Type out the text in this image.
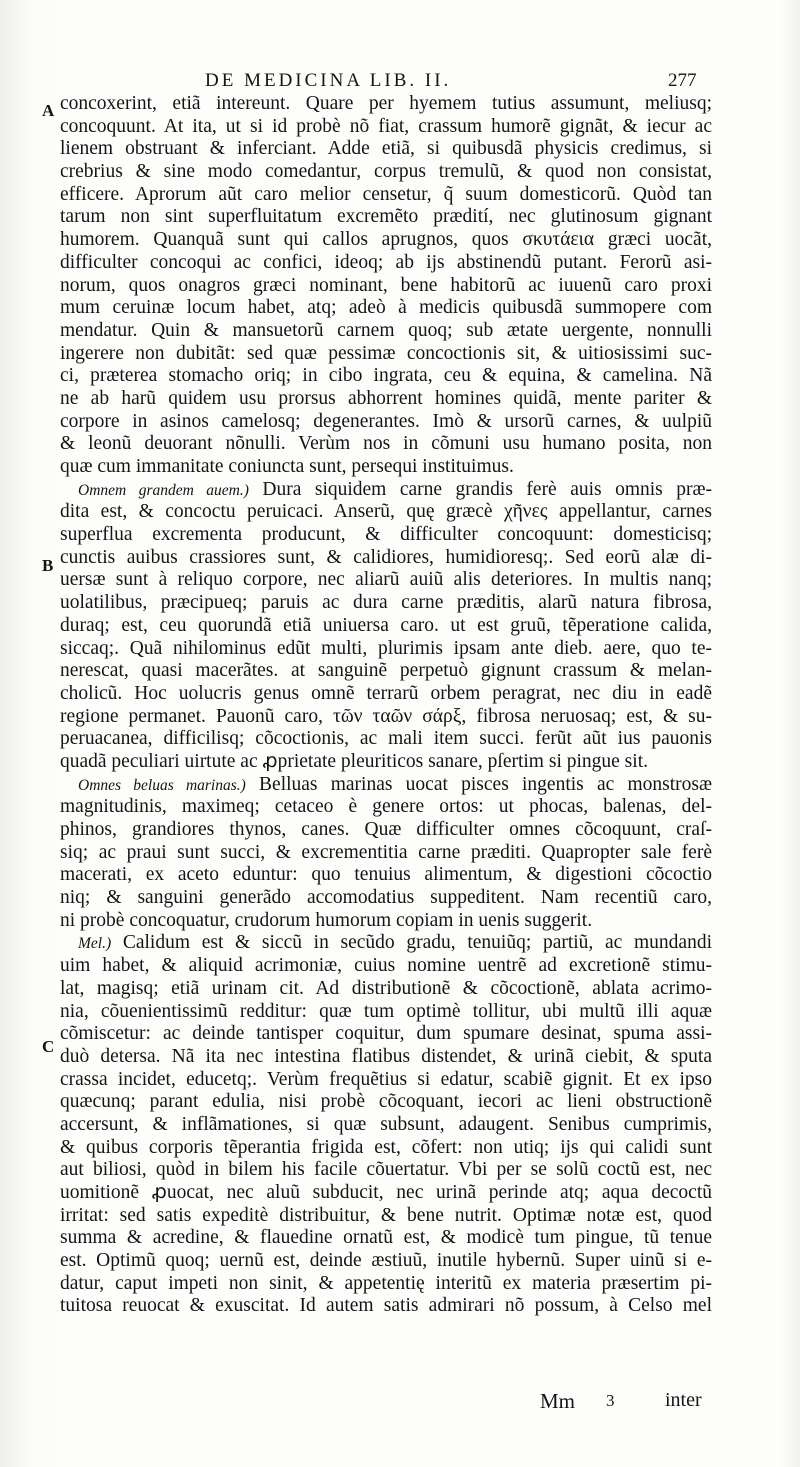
DE MEDICINA LIB. II.	277
A
B
C
concoxerint, etiã intereunt. Quare per hyemem tutius assumunt, meliusq;
concoquunt. At ita, ut si id probè nõ fiat, crassum humorẽ gignãt, & iecur ac
lienem obstruant & inferciant. Adde etiã, si quibusdã physicis credimus, si
crebrius & sine modo comedantur, corpus tremulũ, & quod non consistat,
efficere. Aprorum aũt caro melior censetur, q̃ suum domesticorũ. Quòd tan
tarum non sint superfluitatum excremẽto prædití, nec glutinosum gignant
humorem. Quanquã sunt qui callos aprugnos, quos σκυτάεια græci uocãt,
difficulter concoqui ac confici, ideoq; ab ijs abstinendũ putant. Ferorũ asi-
norum, quos onagros græci nominant, bene habitorũ ac iuuenũ caro proxi
mum ceruinæ locum habet, atq; adeò à medicis quibusdã summopere com
mendatur. Quin & mansuetorũ carnem quoq; sub ætate uergente, nonnulli
ingerere non dubitãt: sed quæ pessimæ concoctionis sit, & uitiosissimi suc-
ci, præterea stomacho oriq; in cibo ingrata, ceu & equina, & camelina. Nã
ne ab harũ quidem usu prorsus abhorrent homines quidã, mente pariter &
corpore in asinos camelosq; degenerantes. Imò & ursorũ carnes, & uulpiũ
& leonũ deuorant nõnulli. Verùm nos in cõmuni usu humano posita, non
quæ cum immanitate coniuncta sunt, persequi instituimus.
Omnem grandem auem.) Dura siquidem carne grandis ferè auis omnis præ-
dita est, & concoctu peruicaci. Anserũ, quę græcè χῆνες appellantur, carnes
superflua excrementa producunt, & difficulter concoquunt: domesticisq;
cunctis auibus crassiores sunt, & calidiores, humidioresq;. Sed eorũ alæ di-
uersæ sunt à reliquo corpore, nec aliarũ auiũ alis deteriores. In multis nanq;
uolatilibus, præcipueq; paruis ac dura carne præditis, alarũ natura fibrosa,
duraq; est, ceu quorundã etiã uniuersa caro. ut est gruũ, tẽperatione calida,
siccaq;. Quã nihilominus edũt multi, plurimis ipsam ante dieb. aere, quo te-
nerescat, quasi macerãtes. at sanguinẽ perpetuò gignunt crassum & melan-
cholicũ. Hoc uolucris genus omnẽ terrarũ orbem peragrat, nec diu in eadẽ
regione permanet. Pauonũ caro, τῶν ταῶν σάρξ, fibrosa neruosaq; est, & su-
peruacanea, difficilisq; cõcoctionis, ac mali item succi. ferũt aũt ius pauonis
quadã peculiari uirtute ac ꝓprietate pleuriticos sanare, pſertim si pingue sit.
Omnes beluas marinas.) Belluas marinas uocat pisces ingentis ac monstrosæ
magnitudinis, maximeq; cetaceo è genere ortos: ut phocas, balenas, del-
phinos, grandiores thynos, canes. Quæ difficulter omnes cõcoquunt, craſ-
siq; ac praui sunt succi, & excrementitia carne præditi. Quapropter sale ferè
macerati, ex aceto eduntur: quo tenuius alimentum, & digestioni cõcoctio
niq; & sanguini generãdo accomodatius suppeditent. Nam recentiũ caro,
ni probè concoquatur, crudorum humorum copiam in uenis suggerit.
Mel.) Calidum est & siccũ in secũdo gradu, tenuiũq; partiũ, ac mundandi
uim habet, & aliquid acrimoniæ, cuius nomine uentrẽ ad excretionẽ stimu-
lat, magisq; etiã urinam cit. Ad distributionẽ & cõcoctionẽ, ablata acrimo-
nia, cõuenientissimũ redditur: quæ tum optimè tollitur, ubi multũ illi aquæ
cõmiscetur: ac deinde tantisper coquitur, dum spumare desinat, spuma assi-
duò detersa. Nã ita nec intestina flatibus distendet, & urinã ciebit, & sputa
crassa incidet, educetq;. Verùm frequẽtius si edatur, scabiẽ gignit. Et ex ipso
quæcunq; parant edulia, nisi probè cõcoquant, iecori ac lieni obstructionẽ
accersunt, & inflãmationes, si quæ subsunt, adaugent. Senibus cumprimis,
& quibus corporis tẽperantia frigida est, cõfert: non utiq; ijs qui calidi sunt
aut biliosi, quòd in bilem his facile cõuertatur. Vbi per se solũ coctũ est, nec
uomitionẽ ꝓuocat, nec aluũ subducit, nec urinã perinde atq; aqua decoctũ
irritat: sed satis expeditè distribuitur, & bene nutrit. Optimæ notæ est, quod
summa & acredine, & flauedine ornatũ est, & modicè tum pingue, tũ tenue
est. Optimũ quoq; uernũ est, deinde æstiuũ, inutile hybernũ. Super uinũ si e-
datur, caput impeti non sinit, & appetentię interitũ ex materia præsertim pi-
tuitosa reuocat & exuscitat. Id autem satis admirari nõ possum, à Celso mel
Mm 3	inter
